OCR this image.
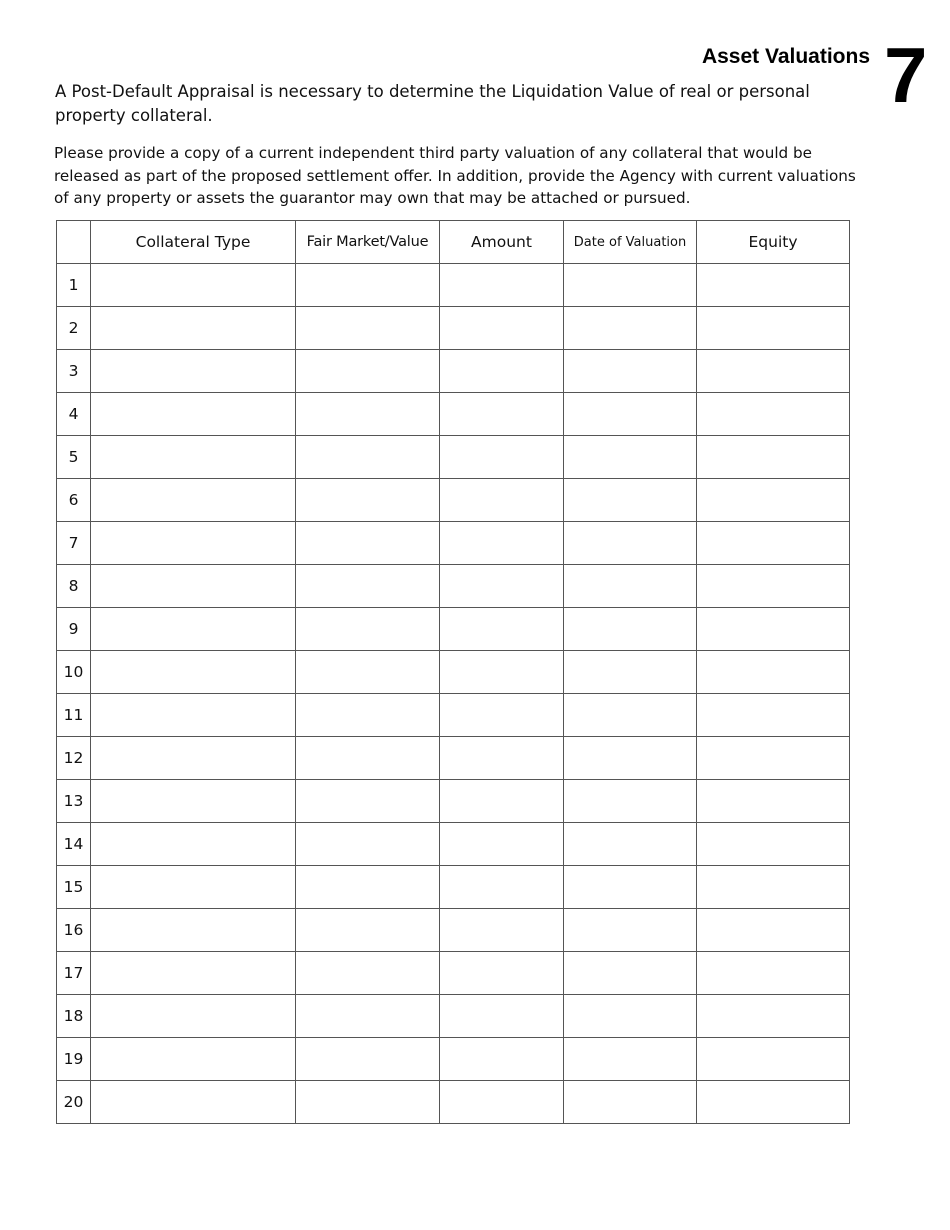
7
Asset Valuations

A Post-Default Appraisal is necessary to determine the Liquidation Value of real or personal property collateral.

Please provide a copy of a current independent third party valuation of any collateral that would be released as part of the proposed settlement offer. In addition, provide the Agency with current valuations of any property or assets the guarantor may own that may be attached or pursued.

	Collateral Type	Fair Market/Value	Amount	Date of Valuation	Equity
1					
2					
3					
4					
5					
6					
7					
8					
9					
10					
11					
12					
13					
14					
15					
16					
17					
18					
19					
20					
